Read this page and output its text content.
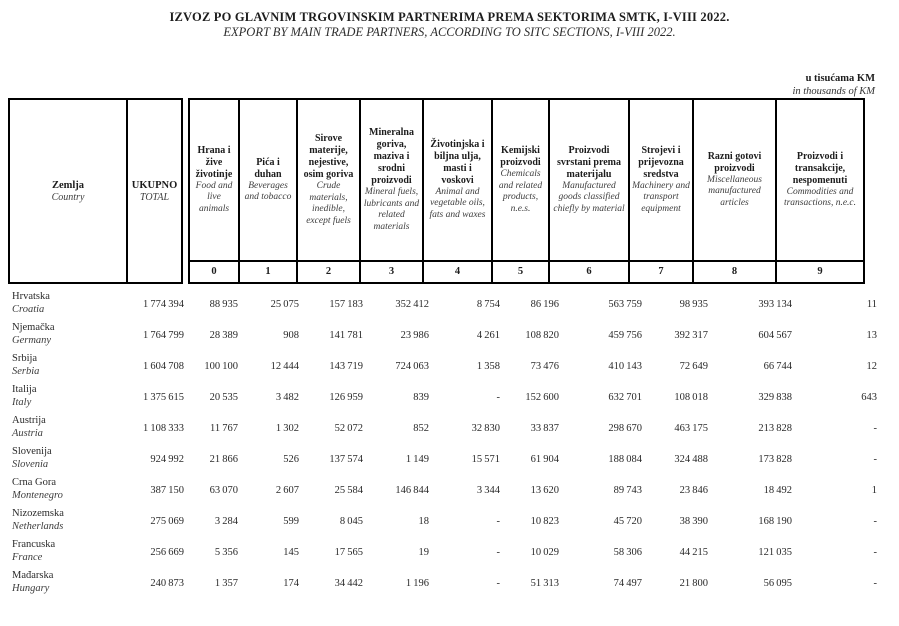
IZVOZ PO GLAVNIM TRGOVINSKIM PARTNERIMA PREMA SEKTORIMA SMTK, I-VIII 2022.
EXPORT BY MAIN TRADE PARTNERS, ACCORDING TO SITC SECTIONS, I-VIII 2022.
u tisućama KM
in thousands of KM
Zemlja
Country
UKUPNO
TOTAL
Hrana i žive životinje
Food and live animals
0
Pića i duhan
Beverages and tobacco
1
Sirove materije, nejestive, osim goriva
Crude materials, inedible, except fuels
2
Mineralna goriva, maziva i srodni proizvodi
Mineral fuels, lubricants and related materials
3
Životinjska i biljna ulja, masti i voskovi
Animal and vegetable oils, fats and waxes
4
Kemijski proizvodi
Chemicals and related products, n.e.s.
5
Proizvodi svrstani prema materijalu
Manufactured goods classified chiefly by material
6
Strojevi i prijevozna sredstva
Machinery and transport equipment
7
Razni gotovi proizvodi
Miscellaneous manufactured articles
8
Proizvodi i transakcije, nespomenuti
Commodities and transactions, n.e.c.
9
Hrvatska
Croatia	1 774 394	88 935	25 075	157 183	352 412	8 754	86 196	563 759	98 935	393 134	11
Njemačka
Germany	1 764 799	28 389	908	141 781	23 986	4 261	108 820	459 756	392 317	604 567	13
Srbija
Serbia	1 604 708	100 100	12 444	143 719	724 063	1 358	73 476	410 143	72 649	66 744	12
Italija
Italy	1 375 615	20 535	3 482	126 959	839	-	152 600	632 701	108 018	329 838	643
Austrija
Austria	1 108 333	11 767	1 302	52 072	852	32 830	33 837	298 670	463 175	213 828	-
Slovenija
Slovenia	924 992	21 866	526	137 574	1 149	15 571	61 904	188 084	324 488	173 828	-
Crna Gora
Montenegro	387 150	63 070	2 607	25 584	146 844	3 344	13 620	89 743	23 846	18 492	1
Nizozemska
Netherlands	275 069	3 284	599	8 045	18	-	10 823	45 720	38 390	168 190	-
Francuska
France	256 669	5 356	145	17 565	19	-	10 029	58 306	44 215	121 035	-
Mađarska
Hungary	240 873	1 357	174	34 442	1 196	-	51 313	74 497	21 800	56 095	-
